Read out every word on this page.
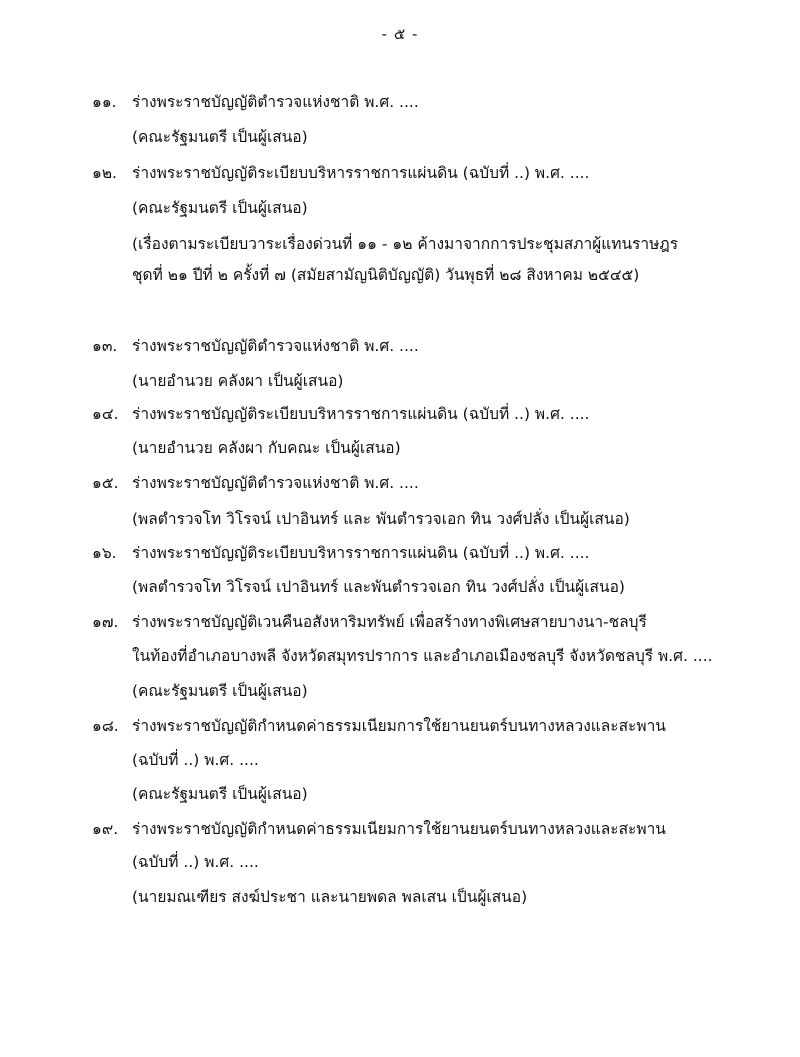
- ๕ -
๑๑. ร่างพระราชบัญญัติตำรวจแห่งชาติ พ.ศ. ....
(คณะรัฐมนตรี เป็นผู้เสนอ)
๑๒. ร่างพระราชบัญญัติระเบียบบริหารราชการแผ่นดิน (ฉบับที่ ..) พ.ศ. ....
(คณะรัฐมนตรี เป็นผู้เสนอ)
(เรื่องตามระเบียบวาระเรื่องด่วนที่ ๑๑ - ๑๒ ค้างมาจากการประชุมสภาผู้แทนราษฎร
ชุดที่ ๒๑ ปีที่ ๒ ครั้งที่ ๗ (สมัยสามัญนิติบัญญัติ) วันพุธที่ ๒๘ สิงหาคม ๒๕๔๕)
๑๓. ร่างพระราชบัญญัติตำรวจแห่งชาติ พ.ศ. ....
(นายอำนวย คลังผา เป็นผู้เสนอ)
๑๔. ร่างพระราชบัญญัติระเบียบบริหารราชการแผ่นดิน (ฉบับที่ ..) พ.ศ. ....
(นายอำนวย คลังผา กับคณะ เป็นผู้เสนอ)
๑๕. ร่างพระราชบัญญัติตำรวจแห่งชาติ พ.ศ. ....
(พลตำรวจโท วิโรจน์ เปาอินทร์ และ พันตำรวจเอก ทิน วงศ์ปลั่ง เป็นผู้เสนอ)
๑๖. ร่างพระราชบัญญัติระเบียบบริหารราชการแผ่นดิน (ฉบับที่ ..) พ.ศ. ....
(พลตำรวจโท วิโรจน์ เปาอินทร์ และพันตำรวจเอก ทิน วงศ์ปลั่ง เป็นผู้เสนอ)
๑๗. ร่างพระราชบัญญัติเวนคืนอสังหาริมทรัพย์ เพื่อสร้างทางพิเศษสายบางนา-ชลบุรี
ในท้องที่อำเภอบางพลี จังหวัดสมุทรปราการ และอำเภอเมืองชลบุรี จังหวัดชลบุรี พ.ศ. ....
(คณะรัฐมนตรี เป็นผู้เสนอ)
๑๘. ร่างพระราชบัญญัติกำหนดค่าธรรมเนียมการใช้ยานยนตร์บนทางหลวงและสะพาน
(ฉบับที่ ..) พ.ศ. ....
(คณะรัฐมนตรี เป็นผู้เสนอ)
๑๙. ร่างพระราชบัญญัติกำหนดค่าธรรมเนียมการใช้ยานยนตร์บนทางหลวงและสะพาน
(ฉบับที่ ..) พ.ศ. ....
(นายมณเฑียร สงฆ์ประชา และนายพดล พลเสน เป็นผู้เสนอ)
